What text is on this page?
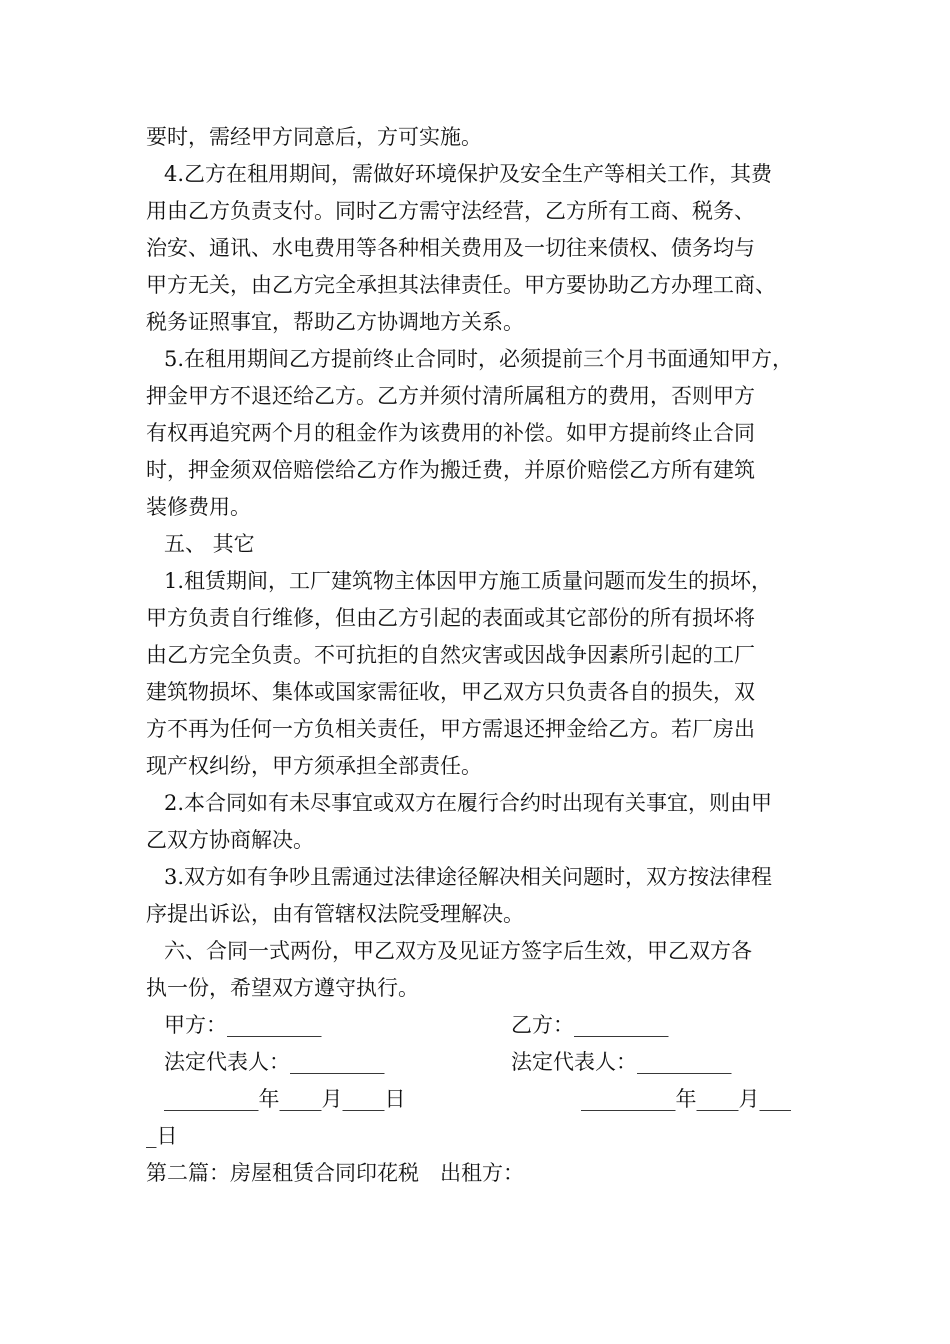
要时，需经甲方同意后，方可实施。
4.乙方在租用期间，需做好环境保护及安全生产等相关工作，其费
用由乙方负责支付。同时乙方需守法经营，乙方所有工商、税务、
治安、通讯、水电费用等各种相关费用及一切往来债权、债务均与
甲方无关，由乙方完全承担其法律责任。甲方要协助乙方办理工商、
税务证照事宜，帮助乙方协调地方关系。
5.在租用期间乙方提前终止合同时，必须提前三个月书面通知甲方，
押金甲方不退还给乙方。乙方并须付清所属租方的费用，否则甲方
有权再追究两个月的租金作为该费用的补偿。如甲方提前终止合同
时，押金须双倍赔偿给乙方作为搬迁费，并原价赔偿乙方所有建筑
装修费用。
五、 其它
1.租赁期间，工厂建筑物主体因甲方施工质量问题而发生的损坏，
甲方负责自行维修，但由乙方引起的表面或其它部份的所有损坏将
由乙方完全负责。不可抗拒的自然灾害或因战争因素所引起的工厂
建筑物损坏、集体或国家需征收，甲乙双方只负责各自的损失，双
方不再为任何一方负相关责任，甲方需退还押金给乙方。若厂房出
现产权纠纷，甲方须承担全部责任。
2.本合同如有未尽事宜或双方在履行合约时出现有关事宜，则由甲
乙双方协商解决。
3.双方如有争吵且需通过法律途径解决相关问题时，双方按法律程
序提出诉讼，由有管辖权法院受理解决。
六、合同一式两份，甲乙双方及见证方签字后生效，甲乙双方各
执一份，希望双方遵守执行。
甲方：_________	乙方：_________
法定代表人：_________	法定代表人：_________
_________年____月____日	_________年____月___
_日
第二篇：房屋租赁合同印花税　出租方：
